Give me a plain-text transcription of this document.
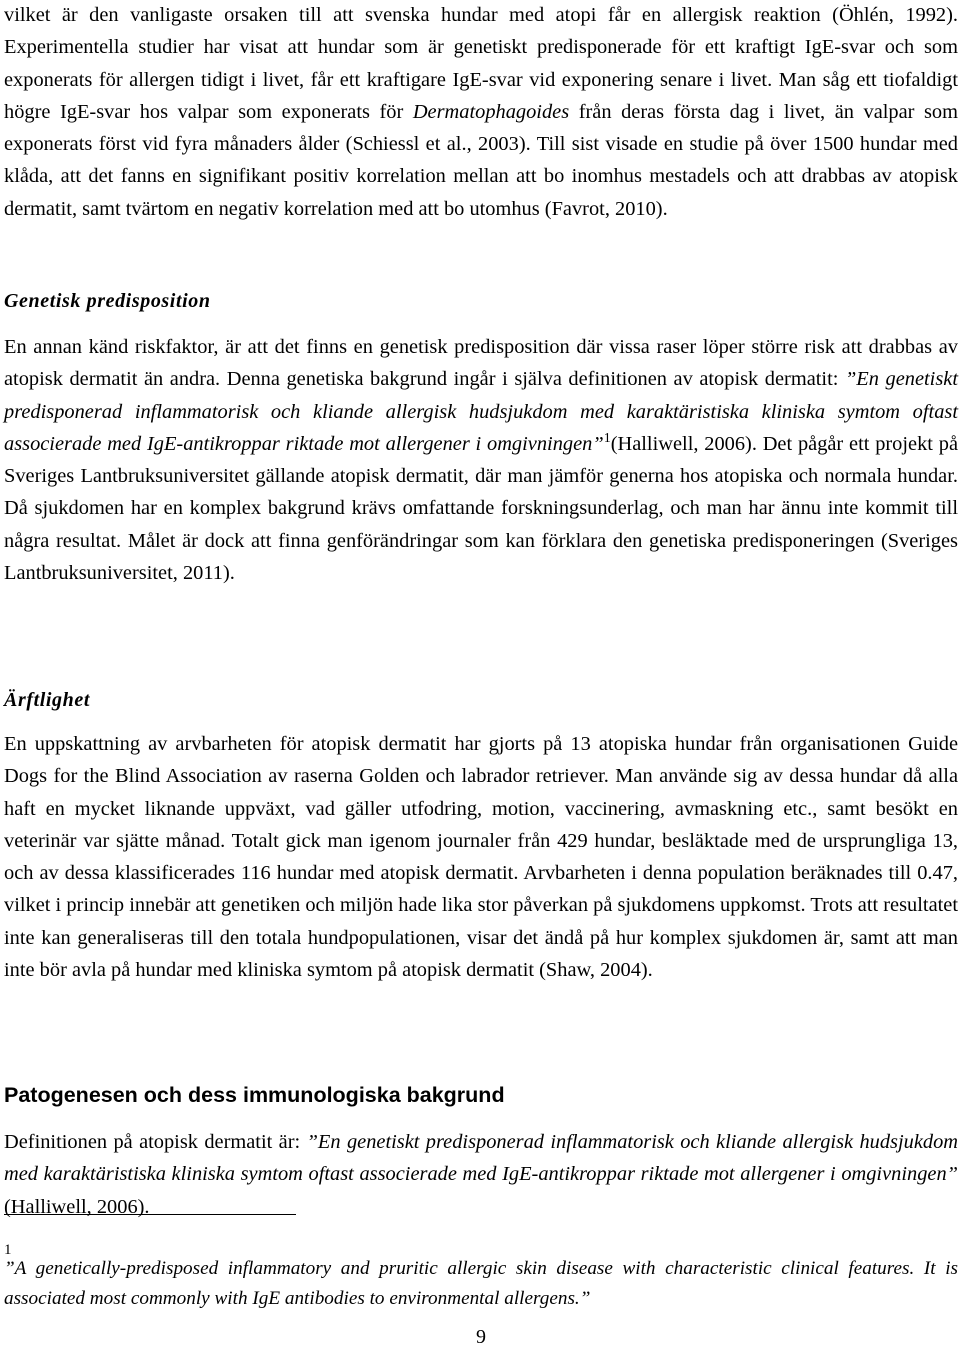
vilket är den vanligaste orsaken till att svenska hundar med atopi får en allergisk reaktion (Öhlén, 1992). Experimentella studier har visat att hundar som är genetiskt predisponerade för ett kraftigt IgE-svar och som exponerats för allergen tidigt i livet, får ett kraftigare IgE-svar vid exponering senare i livet. Man såg ett tiofaldigt högre IgE-svar hos valpar som exponerats för Dermatophagoides från deras första dag i livet, än valpar som exponerats först vid fyra månaders ålder (Schiessl et al., 2003). Till sist visade en studie på över 1500 hundar med klåda, att det fanns en signifikant positiv korrelation mellan att bo inomhus mestadels och att drabbas av atopisk dermatit, samt tvärtom en negativ korrelation med att bo utomhus (Favrot, 2010).

Genetisk predisposition

En annan känd riskfaktor, är att det finns en genetisk predisposition där vissa raser löper större risk att drabbas av atopisk dermatit än andra. Denna genetiska bakgrund ingår i själva definitionen av atopisk dermatit: ”En genetiskt predisponerad inflammatorisk och kliande allergisk hudsjukdom med karaktäristiska kliniska symtom oftast associerade med IgE-antikroppar riktade mot allergener i omgivningen”$^1$(Halliwell, 2006). Det pågår ett projekt på Sveriges Lantbruksuniversitet gällande atopisk dermatit, där man jämför generna hos atopiska och normala hundar. Då sjukdomen har en komplex bakgrund krävs omfattande forskningsunderlag, och man har ännu inte kommit till några resultat. Målet är dock att finna genförändringar som kan förklara den genetiska predisponeringen (Sveriges Lantbruksuniversitet, 2011).

Ärftlighet

En uppskattning av arvbarheten för atopisk dermatit har gjorts på 13 atopiska hundar från organisationen Guide Dogs for the Blind Association av raserna Golden och labrador retriever. Man använde sig av dessa hundar då alla haft en mycket liknande uppväxt, vad gäller utfodring, motion, vaccinering, avmaskning etc., samt besökt en veterinär var sjätte månad. Totalt gick man igenom journaler från 429 hundar, besläktade med de ursprungliga 13, och av dessa klassificerades 116 hundar med atopisk dermatit. Arvbarheten i denna population beräknades till 0.47, vilket i princip innebär att genetiken och miljön hade lika stor påverkan på sjukdomens uppkomst. Trots att resultatet inte kan generaliseras till den totala hundpopulationen, visar det ändå på hur komplex sjukdomen är, samt att man inte bör avla på hundar med kliniska symtom på atopisk dermatit (Shaw, 2004).

Patogenesen och dess immunologiska bakgrund

Definitionen på atopisk dermatit är: ”En genetiskt predisponerad inflammatorisk och kliande allergisk hudsjukdom med karaktäristiska kliniska symtom oftast associerade med IgE-antikroppar riktade mot allergener i omgivningen” (Halliwell, 2006).

1
”A genetically-predisposed inflammatory and pruritic allergic skin disease with characteristic clinical features. It is associated most commonly with IgE antibodies to environmental allergens.”

9
